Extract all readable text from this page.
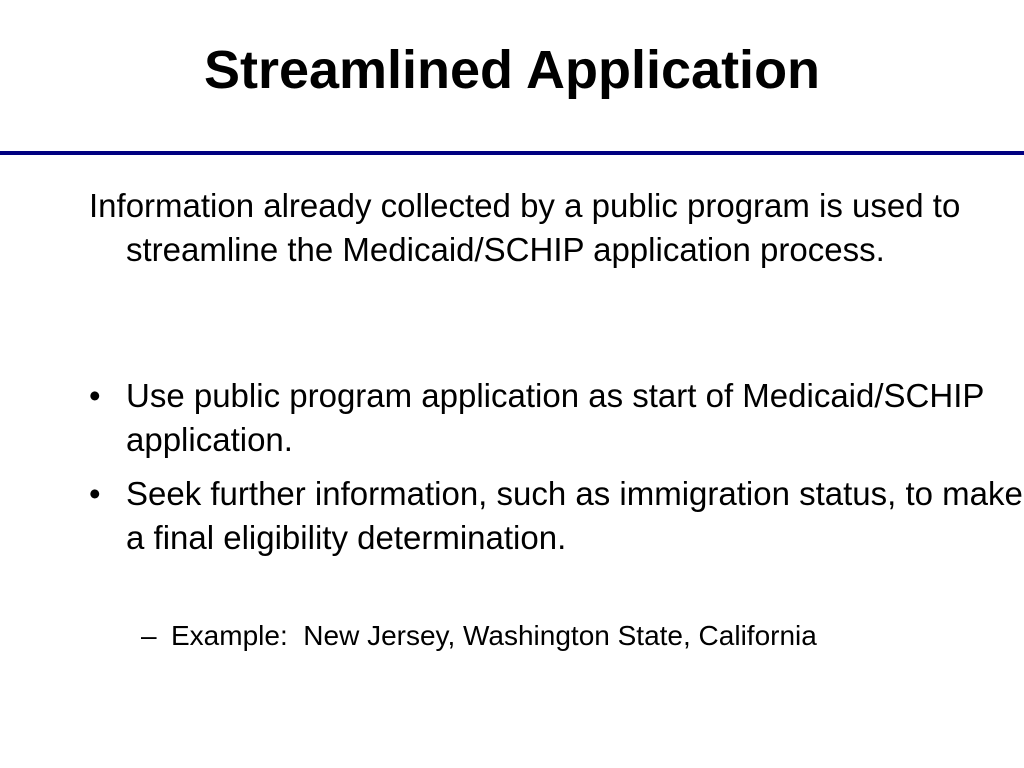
Streamlined Application

Information already collected by a public program is used to streamline the Medicaid/SCHIP application process.

• Use public program application as start of Medicaid/SCHIP application.

• Seek further information, such as immigration status, to make a final eligibility determination.

– Example:  New Jersey, Washington State, California
